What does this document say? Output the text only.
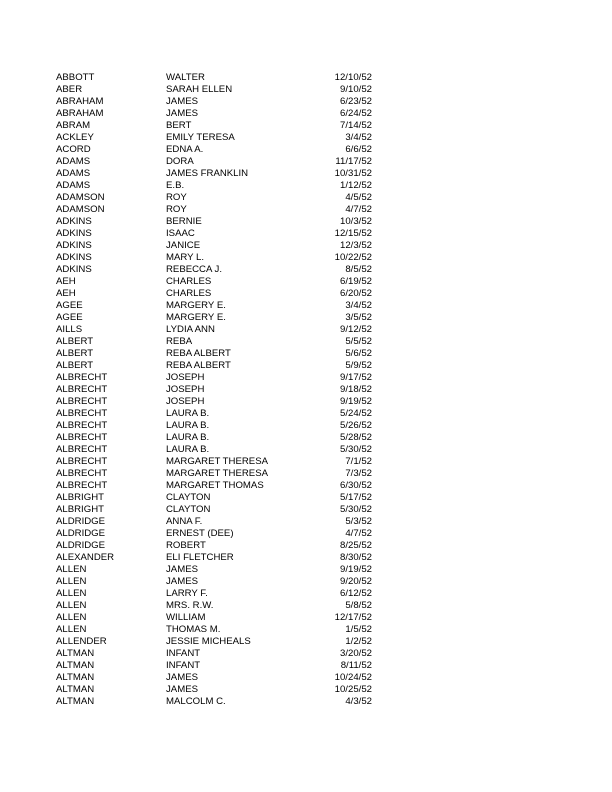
ABBOTT	WALTER	12/10/52
ABER	SARAH ELLEN	9/10/52
ABRAHAM	JAMES	6/23/52
ABRAHAM	JAMES	6/24/52
ABRAM	BERT	7/14/52
ACKLEY	EMILY TERESA	3/4/52
ACORD	EDNA A.	6/6/52
ADAMS	DORA	11/17/52
ADAMS	JAMES FRANKLIN	10/31/52
ADAMS	E.B.	1/12/52
ADAMSON	ROY	4/5/52
ADAMSON	ROY	4/7/52
ADKINS	BERNIE	10/3/52
ADKINS	ISAAC	12/15/52
ADKINS	JANICE	12/3/52
ADKINS	MARY L.	10/22/52
ADKINS	REBECCA J.	8/5/52
AEH	CHARLES	6/19/52
AEH	CHARLES	6/20/52
AGEE	MARGERY E.	3/4/52
AGEE	MARGERY E.	3/5/52
AILLS	LYDIA ANN	9/12/52
ALBERT	REBA	5/5/52
ALBERT	REBA ALBERT	5/6/52
ALBERT	REBA ALBERT	5/9/52
ALBRECHT	JOSEPH	9/17/52
ALBRECHT	JOSEPH	9/18/52
ALBRECHT	JOSEPH	9/19/52
ALBRECHT	LAURA B.	5/24/52
ALBRECHT	LAURA B.	5/26/52
ALBRECHT	LAURA B.	5/28/52
ALBRECHT	LAURA B.	5/30/52
ALBRECHT	MARGARET THERESA	7/1/52
ALBRECHT	MARGARET THERESA	7/3/52
ALBRECHT	MARGARET THOMAS	6/30/52
ALBRIGHT	CLAYTON	5/17/52
ALBRIGHT	CLAYTON	5/30/52
ALDRIDGE	ANNA F.	5/3/52
ALDRIDGE	ERNEST (DEE)	4/7/52
ALDRIDGE	ROBERT	8/25/52
ALEXANDER	ELI FLETCHER	8/30/52
ALLEN	JAMES	9/19/52
ALLEN	JAMES	9/20/52
ALLEN	LARRY F.	6/12/52
ALLEN	MRS. R.W.	5/8/52
ALLEN	WILLIAM	12/17/52
ALLEN	THOMAS M.	1/5/52
ALLENDER	JESSIE MICHEALS	1/2/52
ALTMAN	INFANT	3/20/52
ALTMAN	INFANT	8/11/52
ALTMAN	JAMES	10/24/52
ALTMAN	JAMES	10/25/52
ALTMAN	MALCOLM C.	4/3/52
